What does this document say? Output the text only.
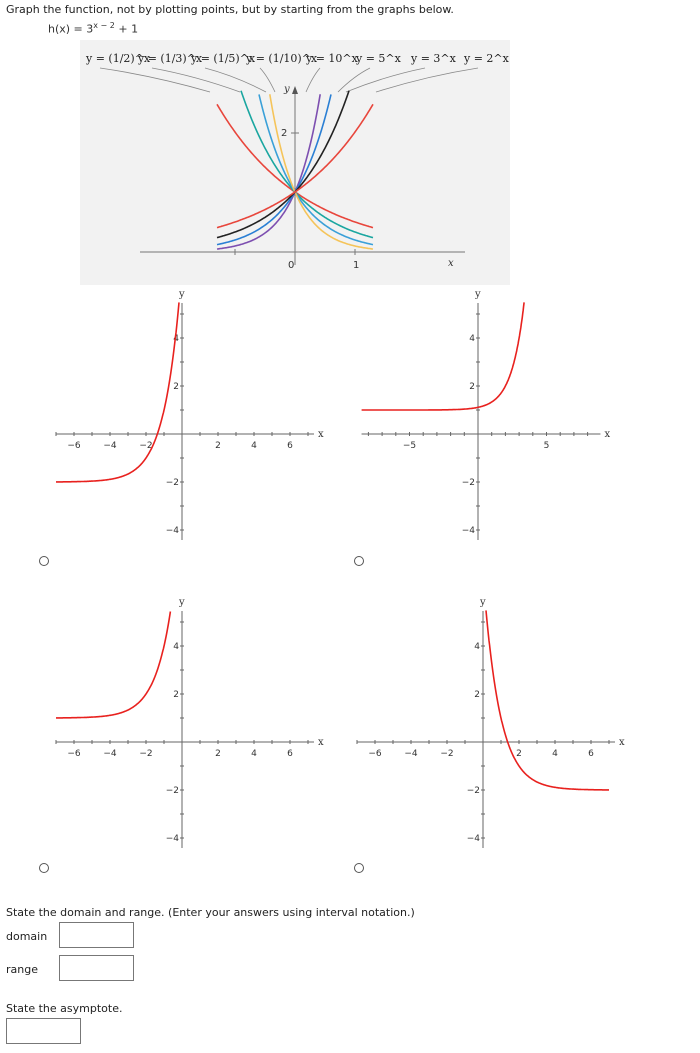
Graph the function, not by plotting points, but by starting from the graphs below.
$h(x) = 3^{x - 2} + 1$
y = (1/2)^x
y = (1/3)^x
y = (1/5)^x
y = (1/10)^x
y = 10^x
y = 5^x y = 3^x y = 2^x
2
1
0	x
y
−6	−4	−2	2	4	6
4
2
−2
−4
x
y
−5	5
4
2
−2
−4
x
y
−6	−4	−2	2	4	6
4
2
−2
−4
x
y
−6	−4	−2	2	4	6
4
2
−2
−4
x
y
State the domain and range. (Enter your answers using interval notation.)
domain
range
State the asymptote.
